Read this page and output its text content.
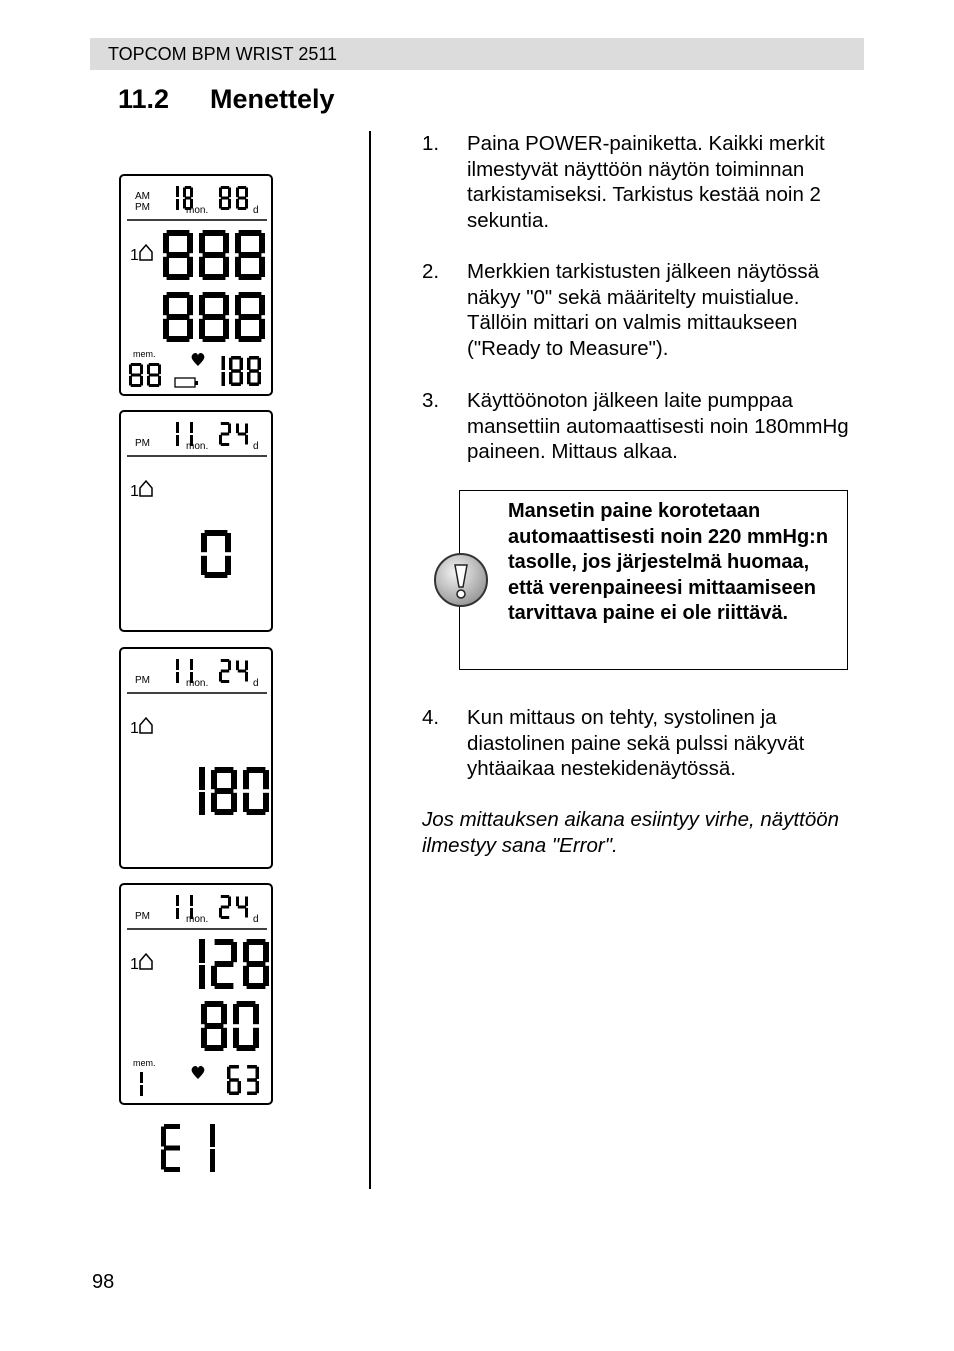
TOPCOM BPM WRIST 2511
11.2 Menettely
AM
PM	mon.	d
1
mem.
PM	mon.	d
1
PM	mon.	d
1
PM	mon.	d
1
mem.
1. Paina POWER-painiketta. Kaikki merkit ilmestyvät näyttöön näytön toiminnan tarkistamiseksi. Tarkistus kestää noin 2 sekuntia.
2. Merkkien tarkistusten jälkeen näytössä näkyy "0" sekä määritelty muistialue. Tällöin mittari on valmis mittaukseen ("Ready to Measure").
3. Käyttöönoton jälkeen laite pumppaa mansettiin automaattisesti noin 180mmHg paineen. Mittaus alkaa.
4. Kun mittaus on tehty, systolinen ja diastolinen paine sekä pulssi näkyvät yhtäaikaa nestekidenäytössä.
Mansetin paine korotetaan automaattisesti noin 220 mmHg:n tasolle, jos järjestelmä huomaa, että verenpaineesi mittaamiseen tarvittava paine ei ole riittävä.
Jos mittauksen aikana esiintyy virhe, näyttöön ilmestyy sana "Error".
98
